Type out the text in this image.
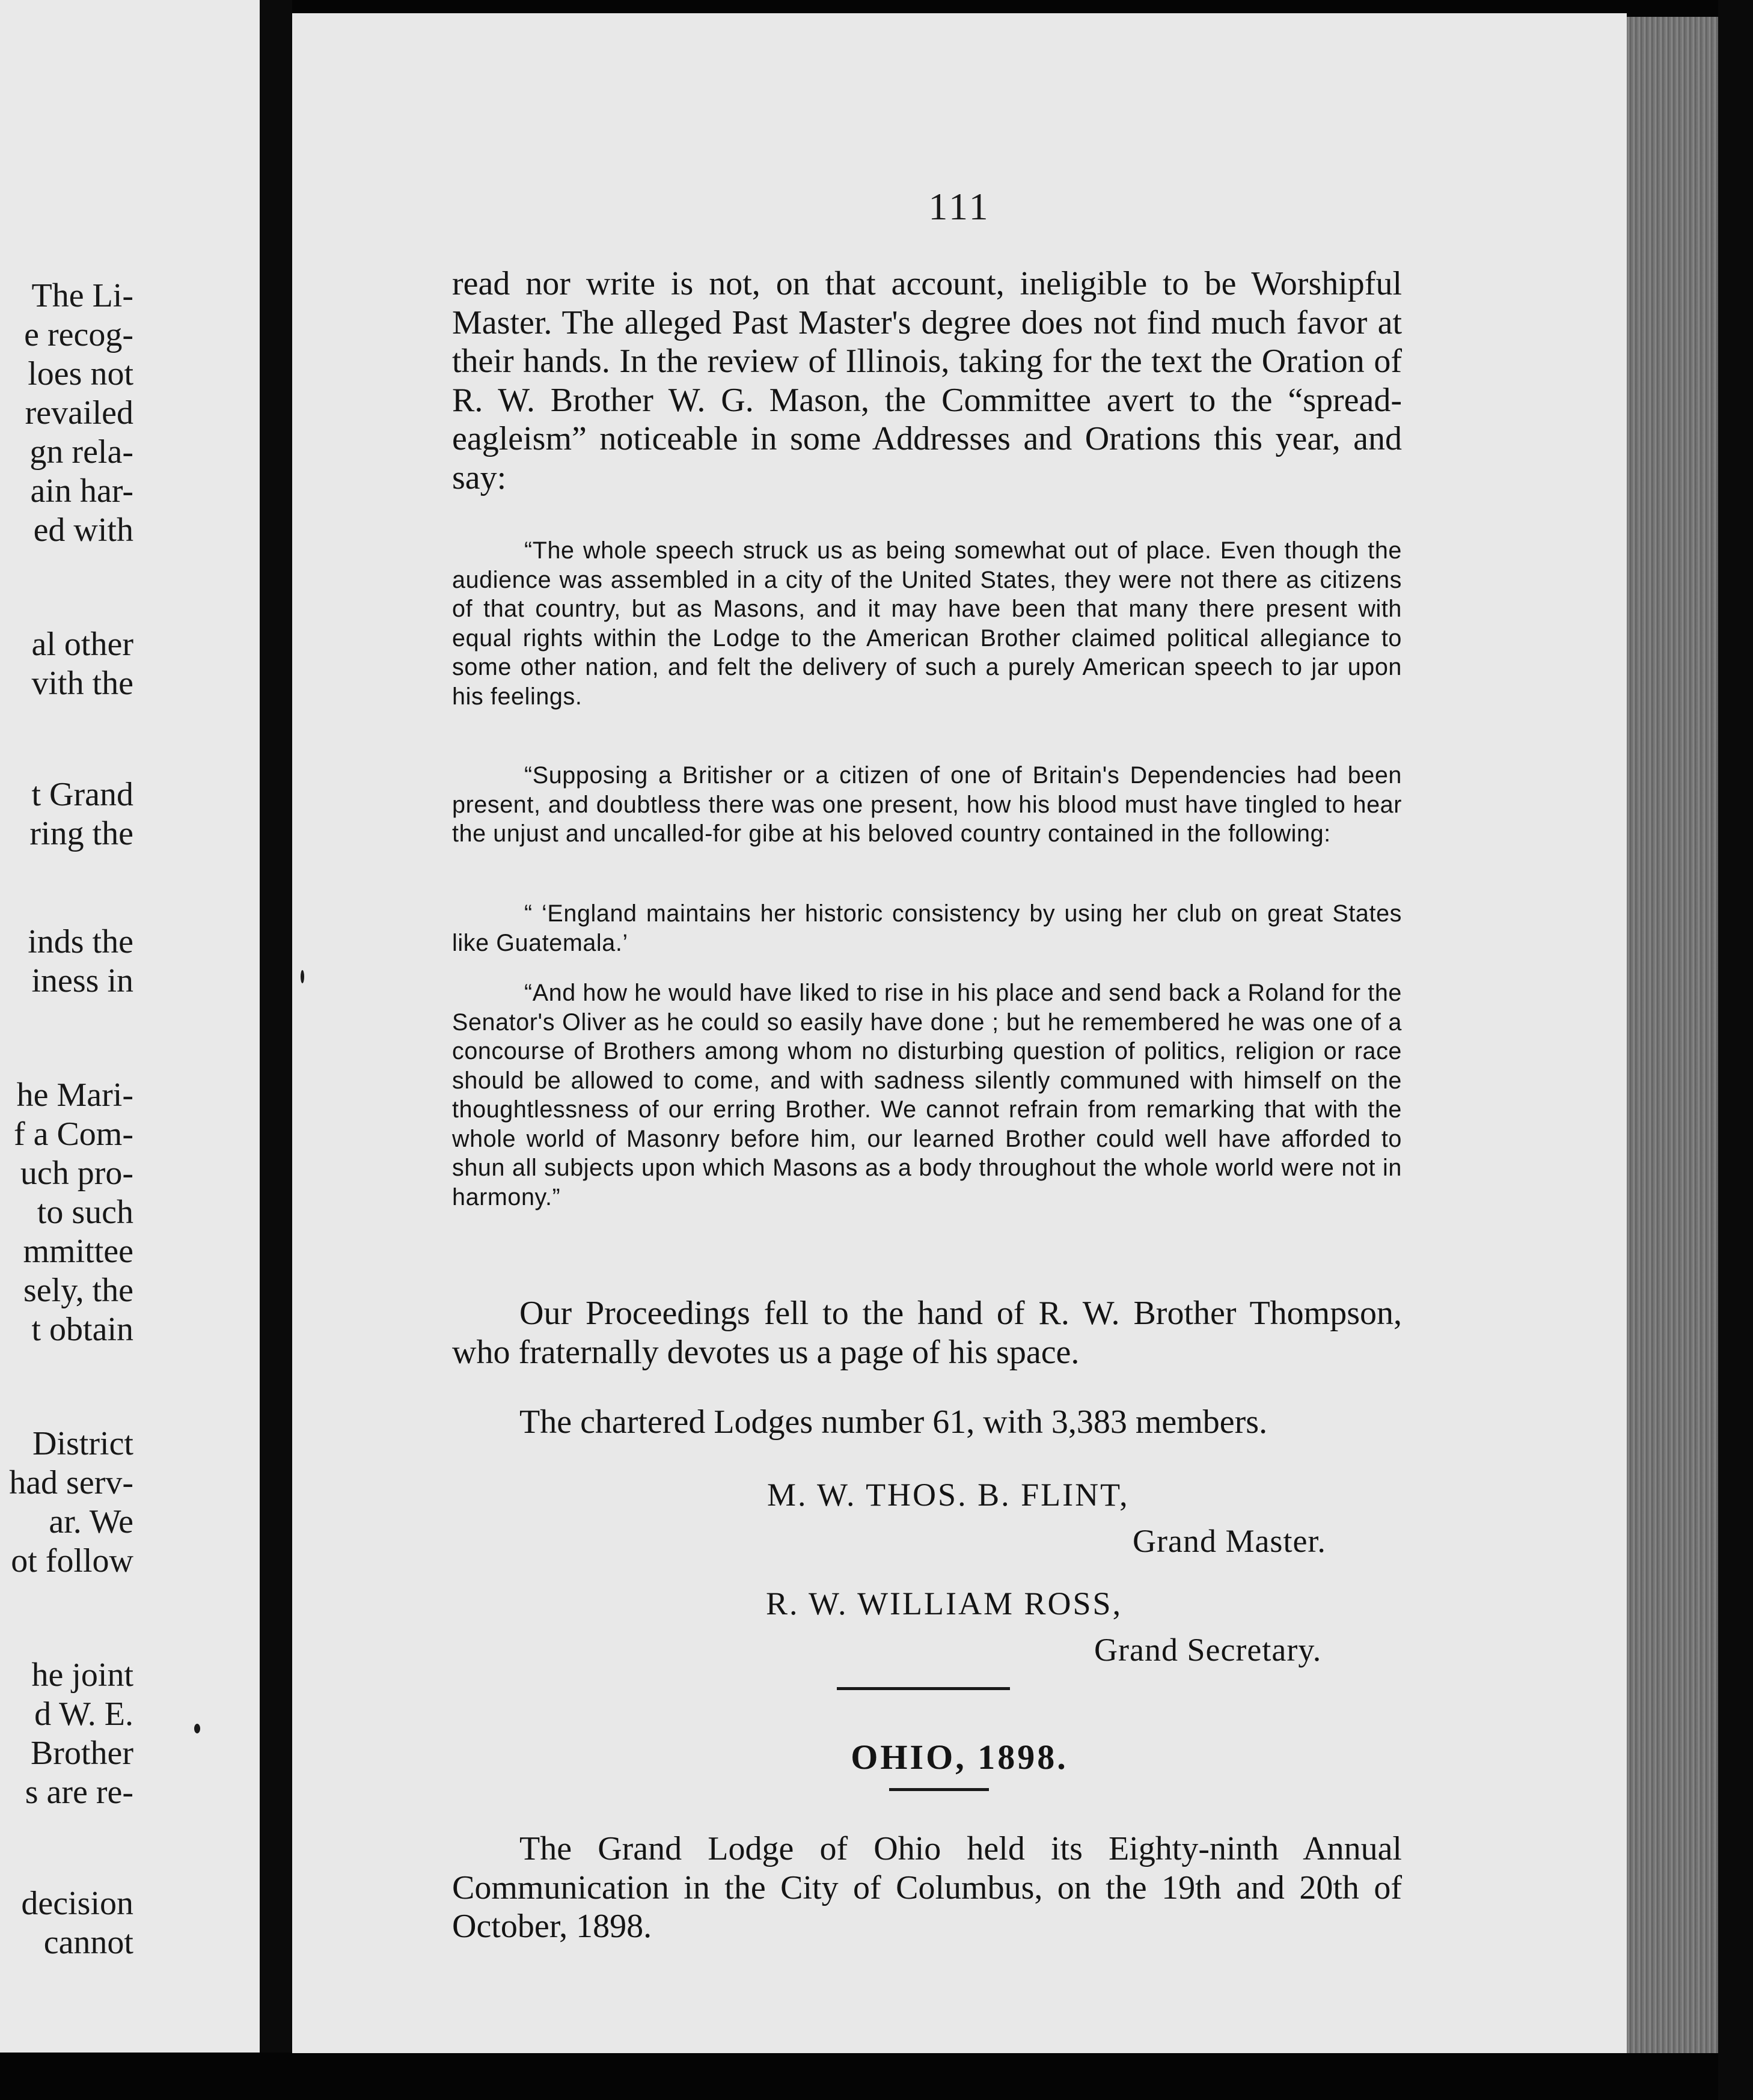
The Li-
e recog-
loes not
revailed
gn rela-
ain har-
ed with
al other
vith the
t Grand
ring the
inds the
iness in
he Mari-
f a Com-
uch pro-
to such
mmittee
sely, the
t obtain
District
had serv-
ar. We
ot follow
he joint
d W. E.
Brother
s are re-
decision
cannot
111

read nor write is not, on that account, ineligible to be Worshipful Master. The alleged Past Master's degree does not find much favor at their hands. In the review of Illinois, taking for the text the Oration of R. W. Brother W. G. Mason, the Committee avert to the “spread-eagleism” noticeable in some Addresses and Orations this year, and say:

“The whole speech struck us as being somewhat out of place. Even though the audience was assembled in a city of the United States, they were not there as citizens of that country, but as Masons, and it may have been that many there present with equal rights within the Lodge to the American Brother claimed political allegiance to some other nation, and felt the delivery of such a purely American speech to jar upon his feelings.

“Supposing a Britisher or a citizen of one of Britain's Dependencies had been present, and doubtless there was one present, how his blood must have tingled to hear the unjust and uncalled-for gibe at his beloved country contained in the following:

“ ‘England maintains her historic consistency by using her club on great States like Guatemala.’

“And how he would have liked to rise in his place and send back a Roland for the Senator's Oliver as he could so easily have done ; but he remembered he was one of a concourse of Brothers among whom no disturbing question of politics, religion or race should be allowed to come, and with sadness silently communed with himself on the thoughtlessness of our erring Brother. We cannot refrain from remarking that with the whole world of Masonry before him, our learned Brother could well have afforded to shun all subjects upon which Masons as a body throughout the whole world were not in harmony.”

Our Proceedings fell to the hand of R. W. Brother Thompson, who fraternally devotes us a page of his space.

The chartered Lodges number 61, with 3,383 members.

M. W. THOS. B. FLINT,
Grand Master.
R. W. WILLIAM ROSS,
Grand Secretary.
OHIO, 1898.

The Grand Lodge of Ohio held its Eighty-ninth Annual Communication in the City of Columbus, on the 19th and 20th of October, 1898.
